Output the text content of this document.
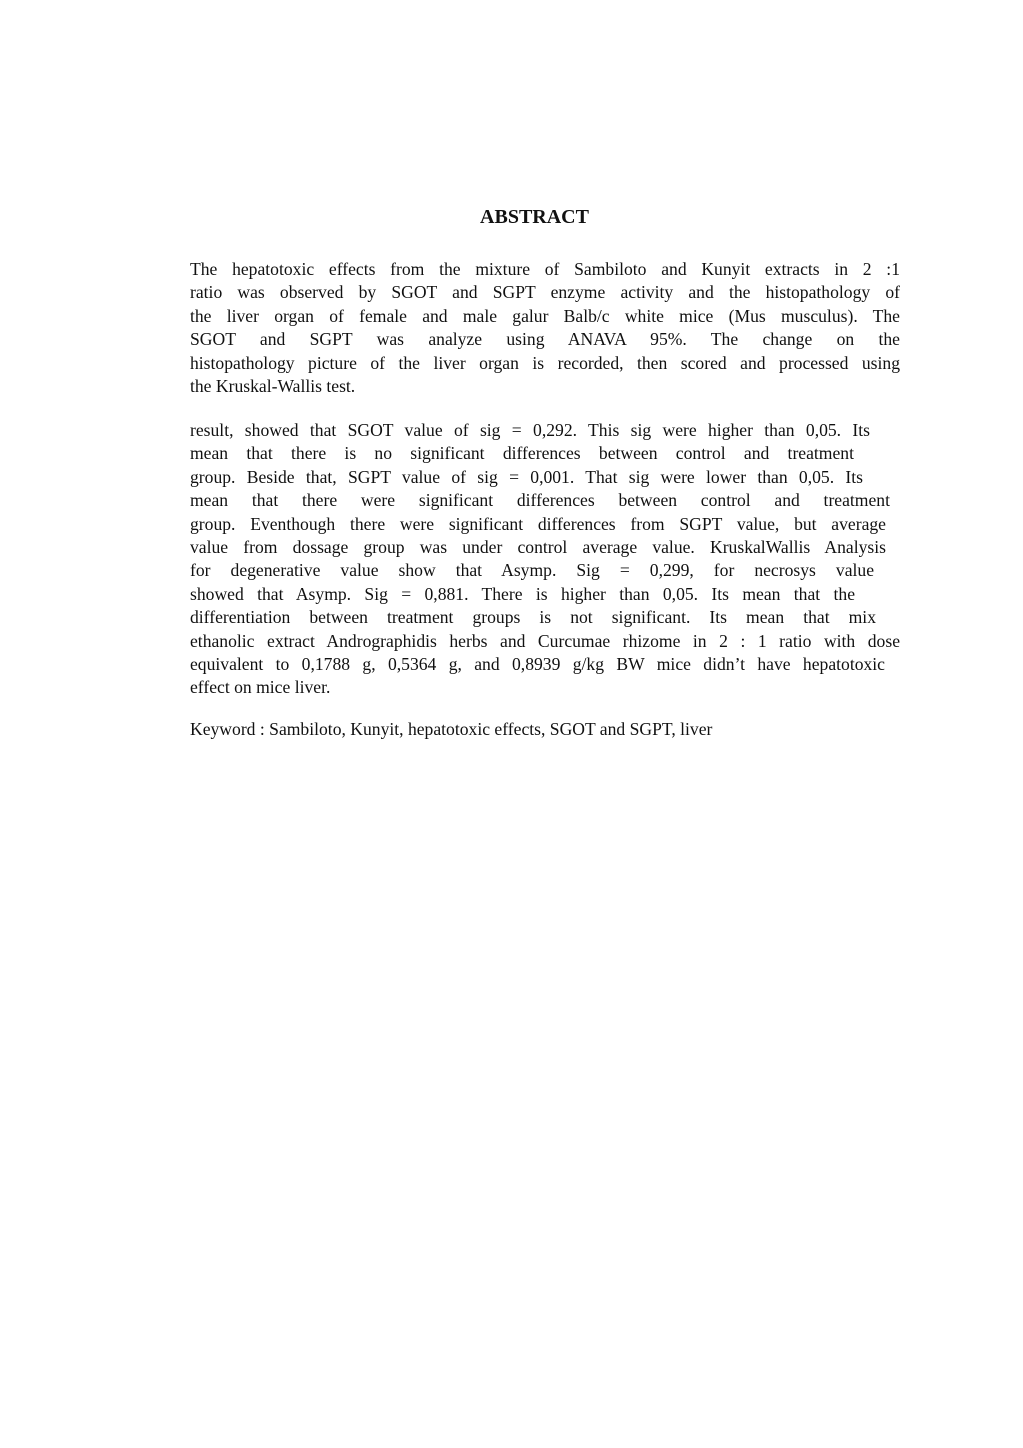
ABSTRACT

The hepatotoxic effects from the mixture of Sambiloto and Kunyit extracts in 2 :1
ratio was observed by SGOT and SGPT enzyme activity and the histopathology of
the liver organ of female and male galur Balb/c white mice (Mus musculus). The
SGOT and SGPT was analyze using ANAVA 95%. The change on the
histopathology picture of the liver organ is recorded, then scored and processed using
the Kruskal-Wallis test.

result, showed that SGOT value of sig = 0,292. This sig were higher than 0,05. Its
mean that there is no significant differences between control and treatment
group. Beside that, SGPT value of sig = 0,001. That sig were lower than 0,05. Its
mean that there were significant differences between control and treatment
group. Eventhough there were significant differences from SGPT value, but average
value from dossage group was under control average value. KruskalWallis Analysis
for degenerative value show that Asymp. Sig = 0,299, for necrosys value
showed that Asymp. Sig = 0,881. There is higher than 0,05. Its mean that the
differentiation between treatment groups is not significant. Its mean that mix
ethanolic extract Andrographidis herbs and Curcumae rhizome in 2 : 1 ratio with dose
equivalent to 0,1788 g, 0,5364 g, and 0,8939 g/kg BW mice didn’t have hepatotoxic
effect on mice liver.

Keyword : Sambiloto, Kunyit, hepatotoxic effects, SGOT and SGPT, liver
